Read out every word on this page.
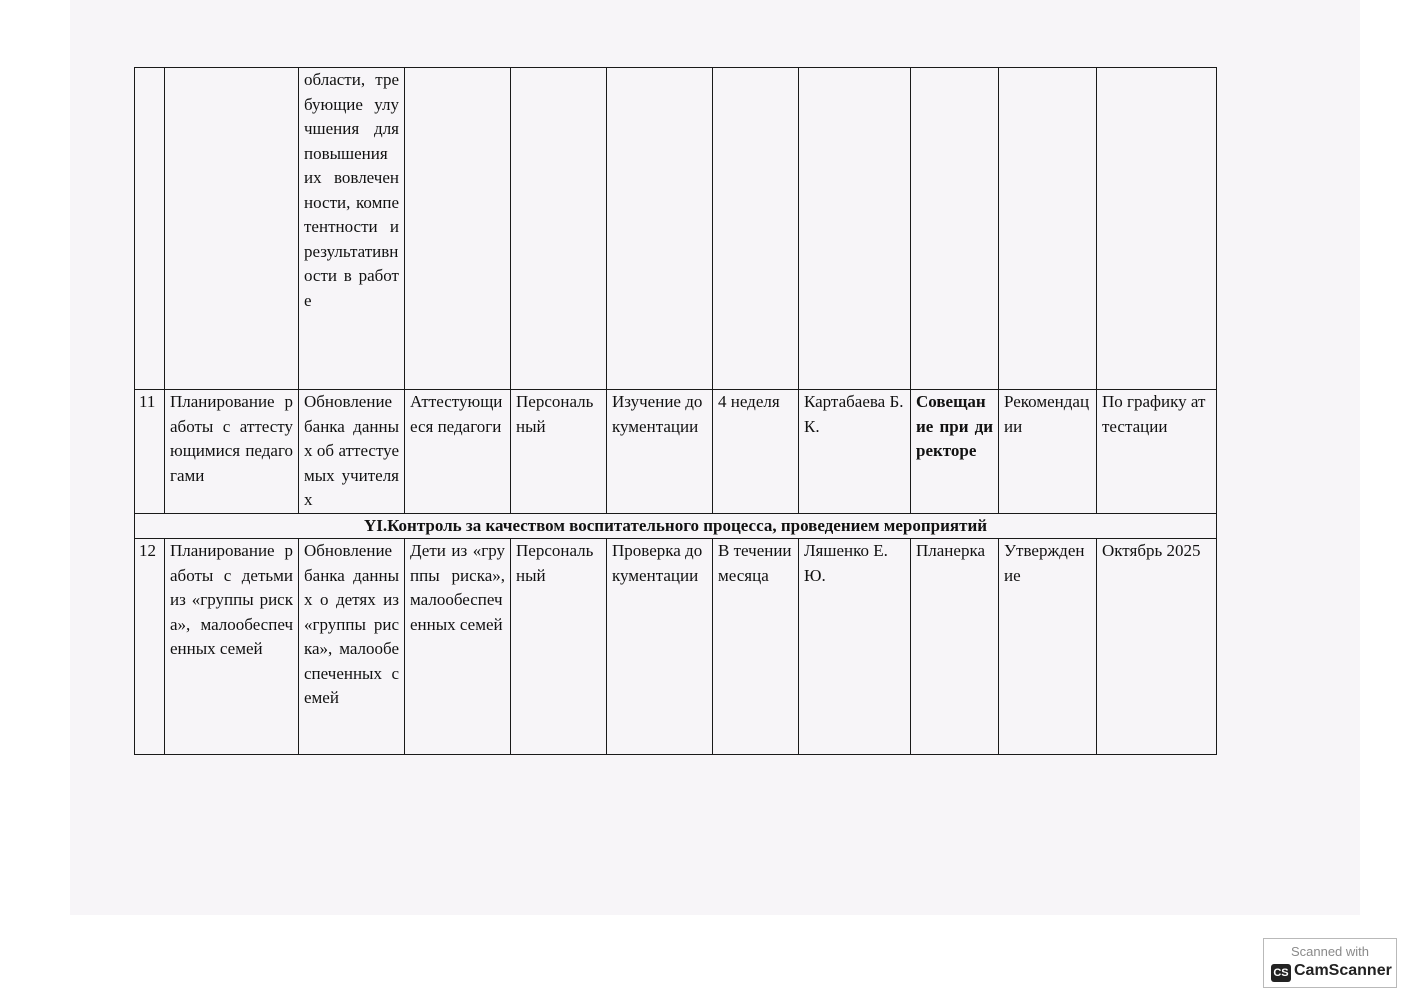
		области, требующие улучшения для повышения их вовлеченности, компетентности и результативности в работе								
11	Планирование работы с аттестующимися педагогами	Обновление банка данных об аттестуемых учителях	Аттестующиеся педагоги	Персональный	Изучение документации	4 неделя	Картабаева Б.К.	Совещание при директоре	Рекомендации	По графику аттестации
YI.Контроль за качеством воспитательного процесса, проведением мероприятий										
12	Планирование работы с детьми из «группы риска», малообеспеченных семей	Обновление банка данных о детях из «группы риска», малообеспеченных семей	Дети из «группы риска», малообеспеченных семей	Персональный	Проверка документации	В течении месяца	Ляшенко Е.Ю.	Планерка	Утверждение	Октябрь 2025
Scanned with
CS CamScanner
